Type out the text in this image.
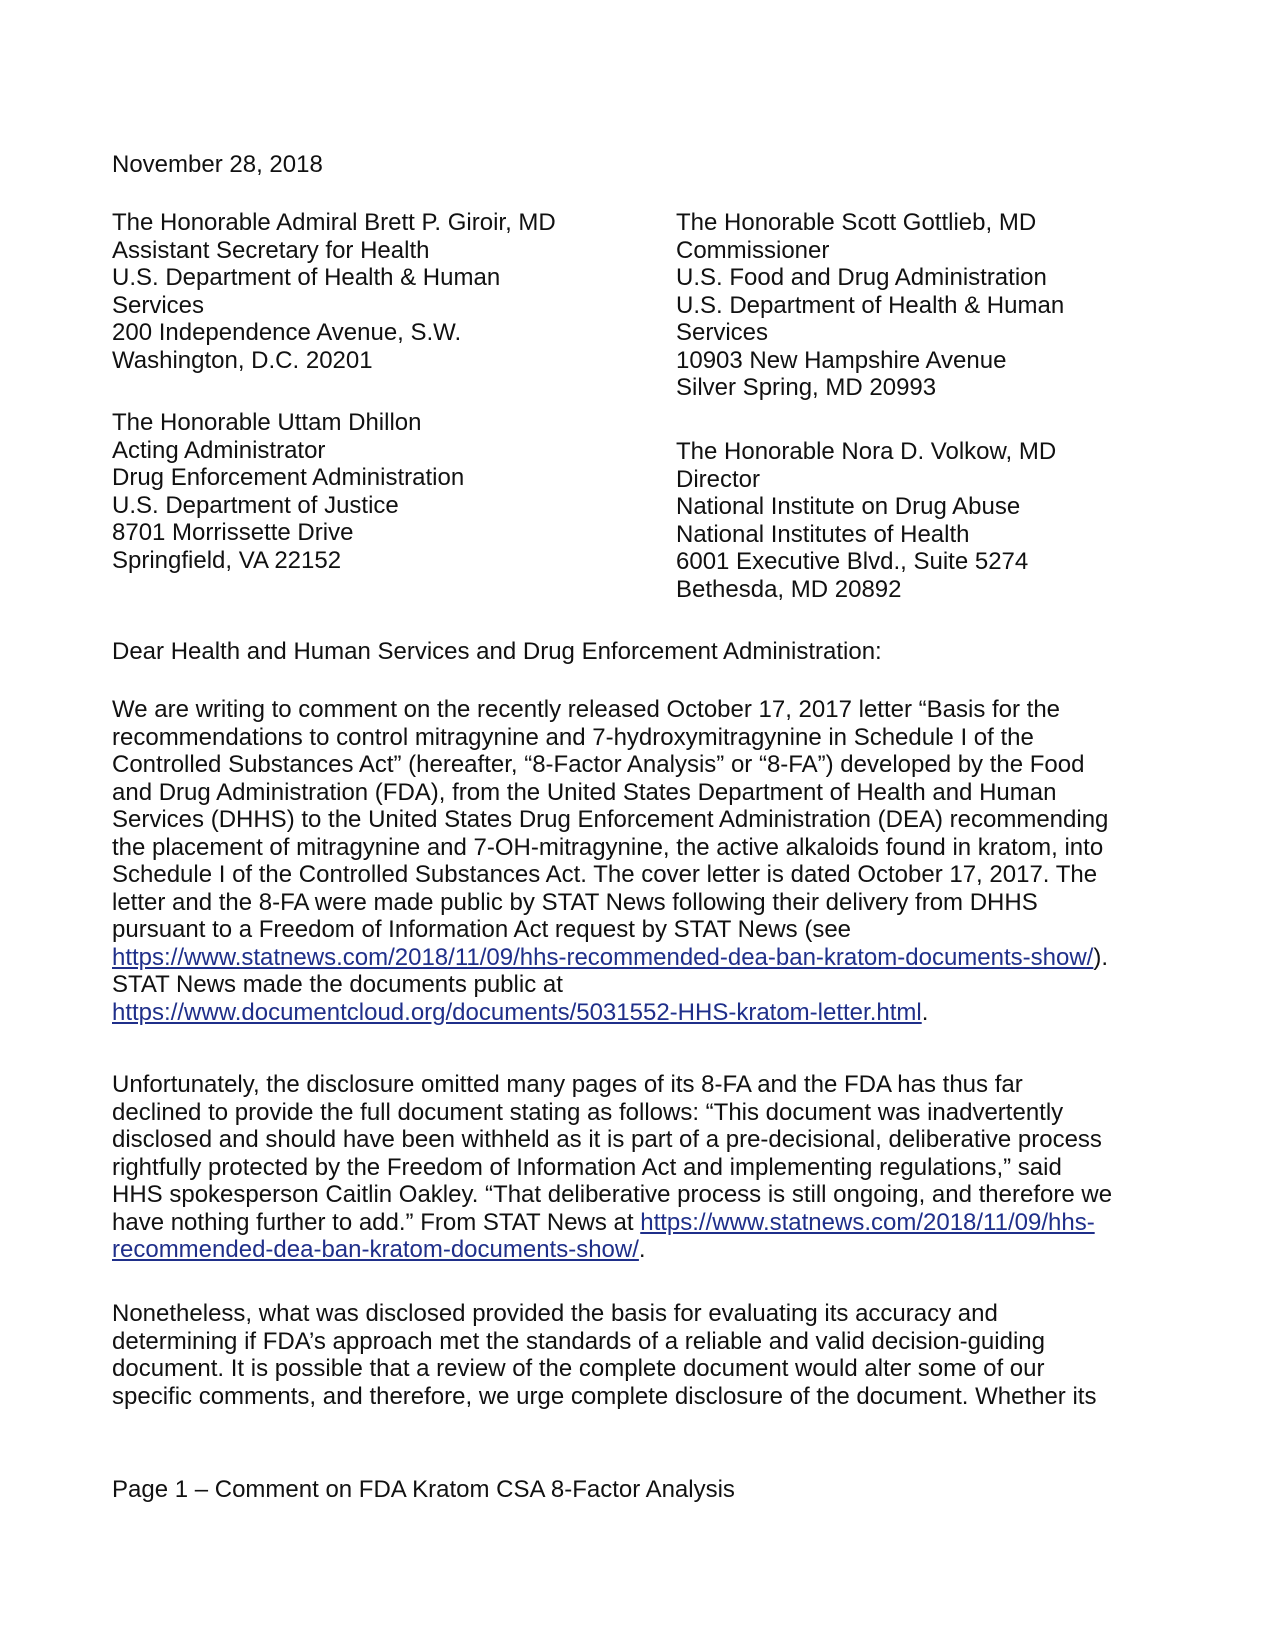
November 28, 2018

The Honorable Admiral Brett P. Giroir, MD
Assistant Secretary for Health
U.S. Department of Health & Human
Services
200 Independence Avenue, S.W.
Washington, D.C. 20201
The Honorable Scott Gottlieb, MD
Commissioner
U.S. Food and Drug Administration
U.S. Department of Health & Human
Services
10903 New Hampshire Avenue
Silver Spring, MD 20993
The Honorable Uttam Dhillon
Acting Administrator
Drug Enforcement Administration
U.S. Department of Justice
8701 Morrissette Drive
Springfield, VA 22152
The Honorable Nora D. Volkow, MD
Director
National Institute on Drug Abuse
National Institutes of Health
6001 Executive Blvd., Suite 5274
Bethesda, MD 20892

Dear Health and Human Services and Drug Enforcement Administration:

We are writing to comment on the recently released October 17, 2017 letter “Basis for the
recommendations to control mitragynine and 7-hydroxymitragynine in Schedule I of the
Controlled Substances Act” (hereafter, “8-Factor Analysis” or “8-FA”) developed by the Food
and Drug Administration (FDA), from the United States Department of Health and Human
Services (DHHS) to the United States Drug Enforcement Administration (DEA) recommending
the placement of mitragynine and 7-OH-mitragynine, the active alkaloids found in kratom, into
Schedule I of the Controlled Substances Act. The cover letter is dated October 17, 2017. The
letter and the 8-FA were made public by STAT News following their delivery from DHHS
pursuant to a Freedom of Information Act request by STAT News (see
https://www.statnews.com/2018/11/09/hhs-recommended-dea-ban-kratom-documents-show/).
STAT News made the documents public at
https://www.documentcloud.org/documents/5031552-HHS-kratom-letter.html.
Unfortunately, the disclosure omitted many pages of its 8-FA and the FDA has thus far
declined to provide the full document stating as follows: “This document was inadvertently
disclosed and should have been withheld as it is part of a pre-decisional, deliberative process
rightfully protected by the Freedom of Information Act and implementing regulations,” said
HHS spokesperson Caitlin Oakley. “That deliberative process is still ongoing, and therefore we
have nothing further to add.” From STAT News at https://www.statnews.com/2018/11/09/hhs-
recommended-dea-ban-kratom-documents-show/.
Nonetheless, what was disclosed provided the basis for evaluating its accuracy and
determining if FDA’s approach met the standards of a reliable and valid decision-guiding
document. It is possible that a review of the complete document would alter some of our
specific comments, and therefore, we urge complete disclosure of the document. Whether its

Page 1 – Comment on FDA Kratom CSA 8-Factor Analysis
